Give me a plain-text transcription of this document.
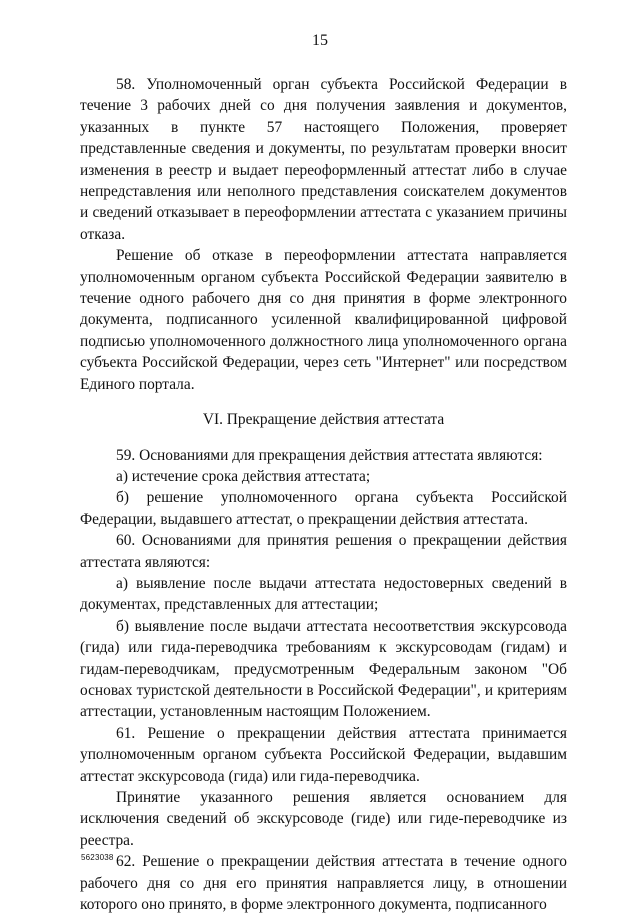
15

58. Уполномоченный орган субъекта Российской Федерации в течение 3 рабочих дней со дня получения заявления и документов, указанных в пункте 57 настоящего Положения, проверяет представленные сведения и документы, по результатам проверки вносит изменения в реестр и выдает переоформленный аттестат либо в случае непредставления или неполного представления соискателем документов и сведений отказывает в переоформлении аттестата с указанием причины отказа.

Решение об отказе в переоформлении аттестата направляется уполномоченным органом субъекта Российской Федерации заявителю в течение одного рабочего дня со дня принятия в форме электронного документа, подписанного усиленной квалифицированной цифровой подписью уполномоченного должностного лица уполномоченного органа субъекта Российской Федерации, через сеть "Интернет" или посредством Единого портала.

VI. Прекращение действия аттестата

59. Основаниями для прекращения действия аттестата являются:

а) истечение срока действия аттестата;

б) решение уполномоченного органа субъекта Российской Федерации, выдавшего аттестат, о прекращении действия аттестата.

60. Основаниями для принятия решения о прекращении действия аттестата являются:

а) выявление после выдачи аттестата недостоверных сведений в документах, представленных для аттестации;

б) выявление после выдачи аттестата несоответствия экскурсовода (гида) или гида-переводчика требованиям к экскурсоводам (гидам) и гидам-переводчикам, предусмотренным Федеральным законом "Об основах туристской деятельности в Российской Федерации", и критериям аттестации, установленным настоящим Положением.

61. Решение о прекращении действия аттестата принимается уполномоченным органом субъекта Российской Федерации, выдавшим аттестат экскурсовода (гида) или гида-переводчика.

Принятие указанного решения является основанием для исключения сведений об экскурсоводе (гиде) или гиде-переводчике из реестра.

62. Решение о прекращении действия аттестата в течение одного рабочего дня со дня его принятия направляется лицу, в отношении которого оно принято, в форме электронного документа, подписанного

5623038
